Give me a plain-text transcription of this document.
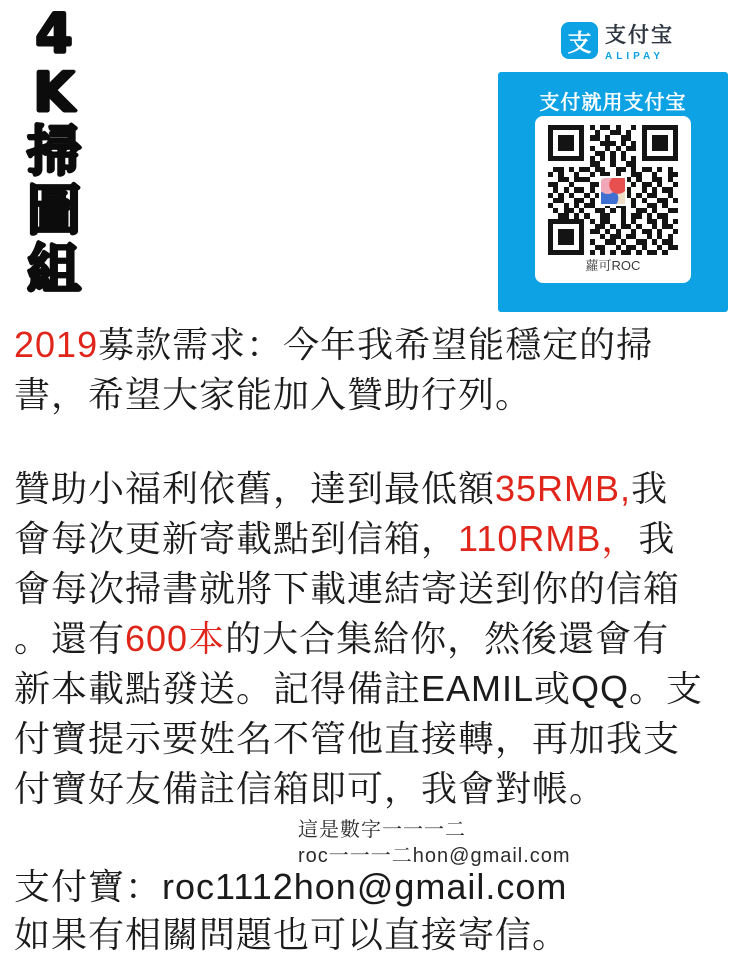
4
K
掃
圖
組
支 支付宝
ALIPAY
支付就用支付宝
蘿可ROC
2019募款需求：今年我希望能穩定的掃
書，希望大家能加入贊助行列。
贊助小福利依舊，達到最低額35RMB,我
會每次更新寄載點到信箱，110RMB，我
會每次掃書就將下載連結寄送到你的信箱
。還有600本的大合集給你，然後還會有
新本載點發送。記得備註EAMIL或QQ。支
付寶提示要姓名不管他直接轉，再加我支
付寶好友備註信箱即可，我會對帳。
這是數字一一一二
roc一一一二hon@gmail.com
支付寶：roc1112hon@gmail.com
如果有相關問題也可以直接寄信。
